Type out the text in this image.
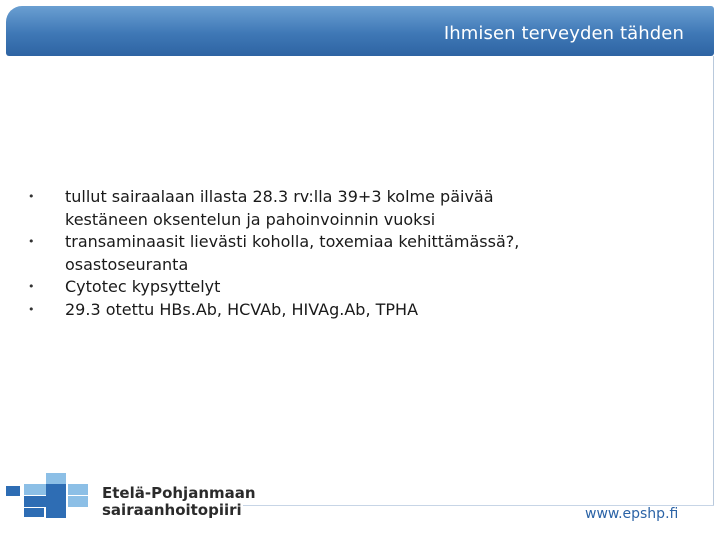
Ihmisen terveyden tähden
• tullut sairaalaan illasta 28.3 rv:lla 39+3 kolme päivää
kestäneen oksentelun ja pahoinvoinnin vuoksi
• transaminaasit lievästi koholla, toxemiaa kehittämässä?,
osastoseuranta
• Cytotec kypsyttelyt
• 29.3 otettu HBs.Ab, HCVAb, HIVAg.Ab, TPHA
Etelä-Pohjanmaan
sairaanhoitopiiri	www.epshp.fi
